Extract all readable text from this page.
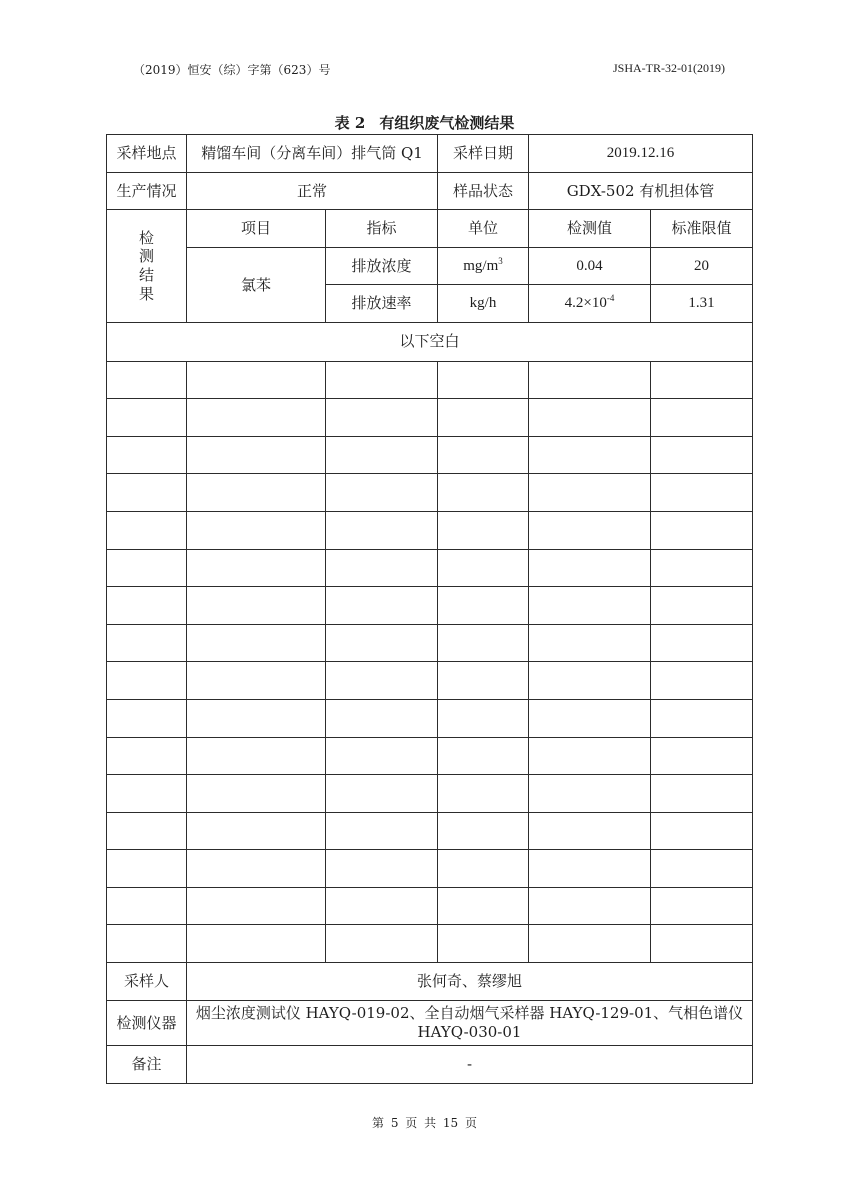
（2019）恒安（综）字第（623）号	JSHA-TR-32-01(2019)
表 2 有组织废气检测结果
采样地点	精馏车间（分离车间）排气筒 Q1		采样日期	2019.12.16	
生产情况	正常		样品状态	GDX-502 有机担体管	

检
测
结
果	项目	指标	单位	检测值	标准限值
	氯苯	排放浓度	$mg/m^3$	0.04	20
		排放速率	kg/h	$4.2\times 10^{-4}$	1.31
以下空白					

采样人	张何奇、蔡缪旭				
检测仪器	烟尘浓度测试仪 HAYQ-019-02、全自动烟气采样器 HAYQ-129-01、气相色谱仪 HAYQ-030-01				
备注	-				
第 5 页 共 15 页
